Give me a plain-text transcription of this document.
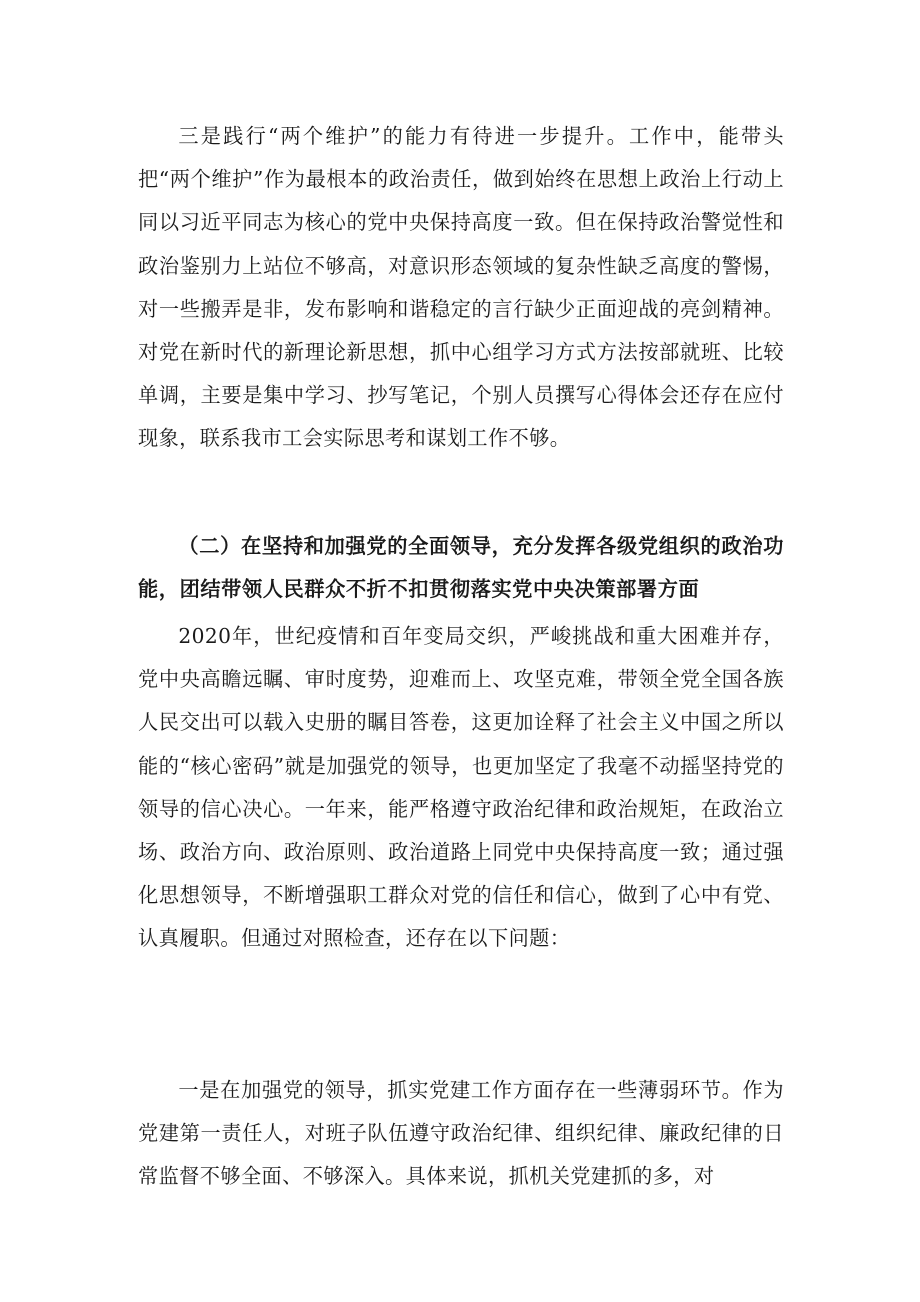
三是践行“两个维护”的能力有待进一步提升。工作中，能带头把“两个维护”作为最根本的政治责任，做到始终在思想上政治上行动上同以习近平同志为核心的党中央保持高度一致。但在保持政治警觉性和政治鉴别力上站位不够高，对意识形态领域的复杂性缺乏高度的警惕，对一些搬弄是非，发布影响和谐稳定的言行缺少正面迎战的亮剑精神。对党在新时代的新理论新思想，抓中心组学习方式方法按部就班、比较单调，主要是集中学习、抄写笔记，个别人员撰写心得体会还存在应付现象，联系我市工会实际思考和谋划工作不够。

（二）在坚持和加强党的全面领导，充分发挥各级党组织的政治功能，团结带领人民群众不折不扣贯彻落实党中央决策部署方面

2020年，世纪疫情和百年变局交织，严峻挑战和重大困难并存，党中央高瞻远瞩、审时度势，迎难而上、攻坚克难，带领全党全国各族人民交出可以载入史册的瞩目答卷，这更加诠释了社会主义中国之所以能的“核心密码”就是加强党的领导，也更加坚定了我毫不动摇坚持党的领导的信心决心。一年来，能严格遵守政治纪律和政治规矩，在政治立场、政治方向、政治原则、政治道路上同党中央保持高度一致；通过强化思想领导，不断增强职工群众对党的信任和信心，做到了心中有党、认真履职。但通过对照检查，还存在以下问题：

一是在加强党的领导，抓实党建工作方面存在一些薄弱环节。作为党建第一责任人，对班子队伍遵守政治纪律、组织纪律、廉政纪律的日常监督不够全面、不够深入。具体来说，抓机关党建抓的多，对
